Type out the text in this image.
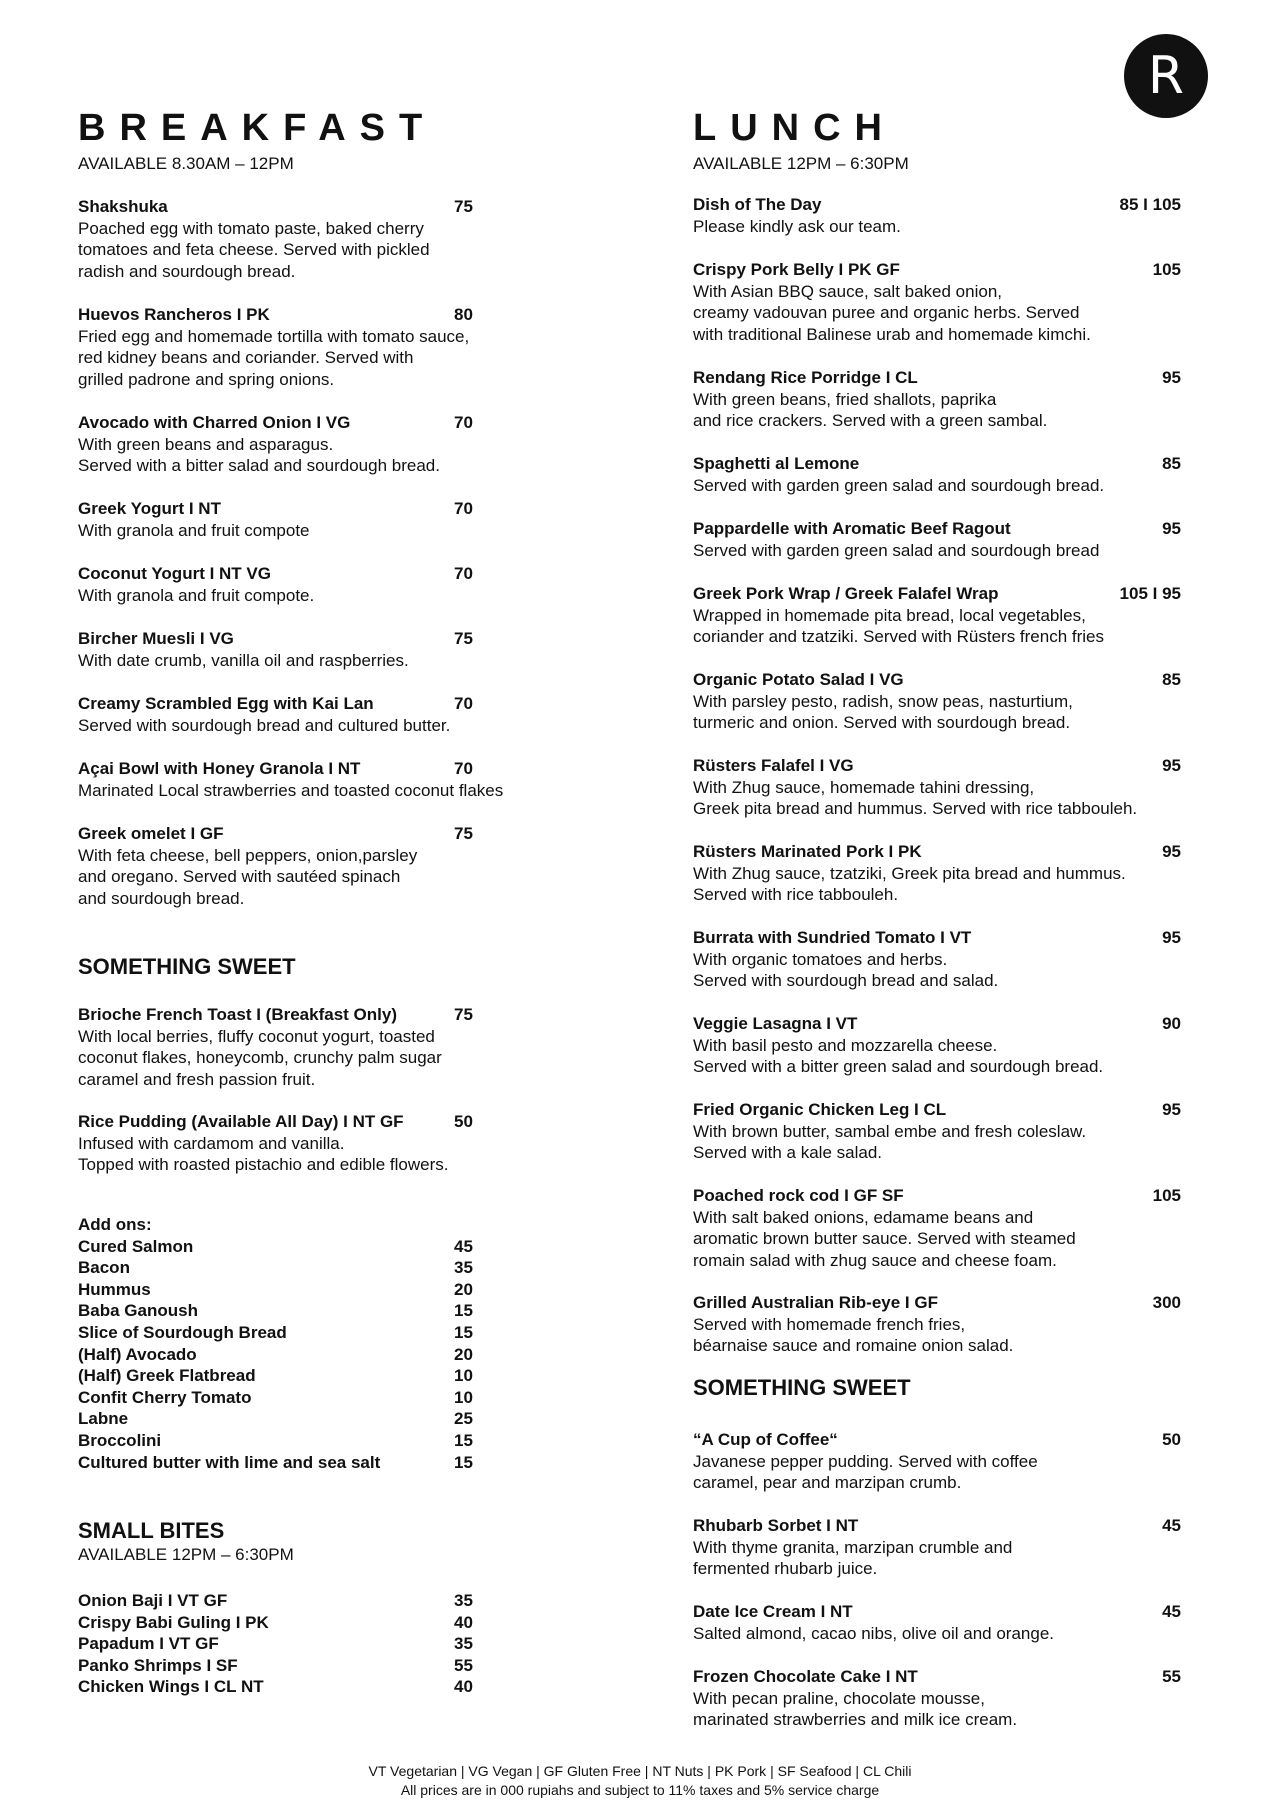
R
BREAKFAST
AVAILABLE 8.30AM – 12PM
Shakshuka	75
Poached egg with tomato paste, baked cherry
tomatoes and feta cheese. Served with pickled
radish and sourdough bread.
Huevos Rancheros I PK	80
Fried egg and homemade tortilla with tomato sauce,
red kidney beans and coriander. Served with
grilled padrone and spring onions.
Avocado with Charred Onion I VG	70
With green beans and asparagus.
Served with a bitter salad and sourdough bread.
Greek Yogurt I NT	70
With granola and fruit compote
Coconut Yogurt I NT VG	70
With granola and fruit compote.
Bircher Muesli I VG	75
With date crumb, vanilla oil and raspberries.
Creamy Scrambled Egg with Kai Lan	70
Served with sourdough bread and cultured butter.
Açai Bowl with Honey Granola I NT	70
Marinated Local strawberries and toasted coconut flakes
Greek omelet I GF	75
With feta cheese, bell peppers, onion,parsley
and oregano. Served with sautéed spinach
and sourdough bread.
SOMETHING SWEET
Brioche French Toast I (Breakfast Only)	75
With local berries, fluffy coconut yogurt, toasted
coconut flakes, honeycomb, crunchy palm sugar
caramel and fresh passion fruit.
Rice Pudding (Available All Day) I NT GF	50
Infused with cardamom and vanilla.
Topped with roasted pistachio and edible flowers.
Add ons:
Cured Salmon	45
Bacon	35
Hummus	20
Baba Ganoush	15
Slice of Sourdough Bread	15
(Half) Avocado	20
(Half) Greek Flatbread	10
Confit Cherry Tomato	10
Labne	25
Broccolini	15
Cultured butter with lime and sea salt	15
SMALL BITES
AVAILABLE 12PM – 6:30PM
Onion Baji I VT GF	35
Crispy Babi Guling I PK	40
Papadum I VT GF	35
Panko Shrimps I SF	55
Chicken Wings I CL NT	40
LUNCH
AVAILABLE 12PM – 6:30PM
Dish of The Day	85 I 105
Please kindly ask our team.
Crispy Pork Belly I PK GF	105
With Asian BBQ sauce, salt baked onion,
creamy vadouvan puree and organic herbs. Served
with traditional Balinese urab and homemade kimchi.
Rendang Rice Porridge I CL	95
With green beans, fried shallots, paprika
and rice crackers. Served with a green sambal.
Spaghetti al Lemone	85
Served with garden green salad and sourdough bread.
Pappardelle with Aromatic Beef Ragout	95
Served with garden green salad and sourdough bread
Greek Pork Wrap / Greek Falafel Wrap	105 I 95
Wrapped in homemade pita bread, local vegetables,
coriander and tzatziki. Served with Rüsters french fries
Organic Potato Salad I VG	85
With parsley pesto, radish, snow peas, nasturtium,
turmeric and onion. Served with sourdough bread.
Rüsters Falafel I VG	95
With Zhug sauce, homemade tahini dressing,
Greek pita bread and hummus. Served with rice tabbouleh.
Rüsters Marinated Pork I PK	95
With Zhug sauce, tzatziki, Greek pita bread and hummus.
Served with rice tabbouleh.
Burrata with Sundried Tomato I VT	95
With organic tomatoes and herbs.
Served with sourdough bread and salad.
Veggie Lasagna I VT	90
With basil pesto and mozzarella cheese.
Served with a bitter green salad and sourdough bread.
Fried Organic Chicken Leg I CL	95
With brown butter, sambal embe and fresh coleslaw.
Served with a kale salad.
Poached rock cod I GF SF	105
With salt baked onions, edamame beans and
aromatic brown butter sauce. Served with steamed
romain salad with zhug sauce and cheese foam.
Grilled Australian Rib-eye I GF	300
Served with homemade french fries,
béarnaise sauce and romaine onion salad.
SOMETHING SWEET
“A Cup of Coffee“	50
Javanese pepper pudding. Served with coffee
caramel, pear and marzipan crumb.
Rhubarb Sorbet I NT	45
With thyme granita, marzipan crumble and
fermented rhubarb juice.
Date Ice Cream I NT	45
Salted almond, cacao nibs, olive oil and orange.
Frozen Chocolate Cake I NT	55
With pecan praline, chocolate mousse,
marinated strawberries and milk ice cream.
VT Vegetarian | VG Vegan | GF Gluten Free | NT Nuts | PK Pork | SF Seafood | CL Chili
All prices are in 000 rupiahs and subject to 11% taxes and 5% service charge
